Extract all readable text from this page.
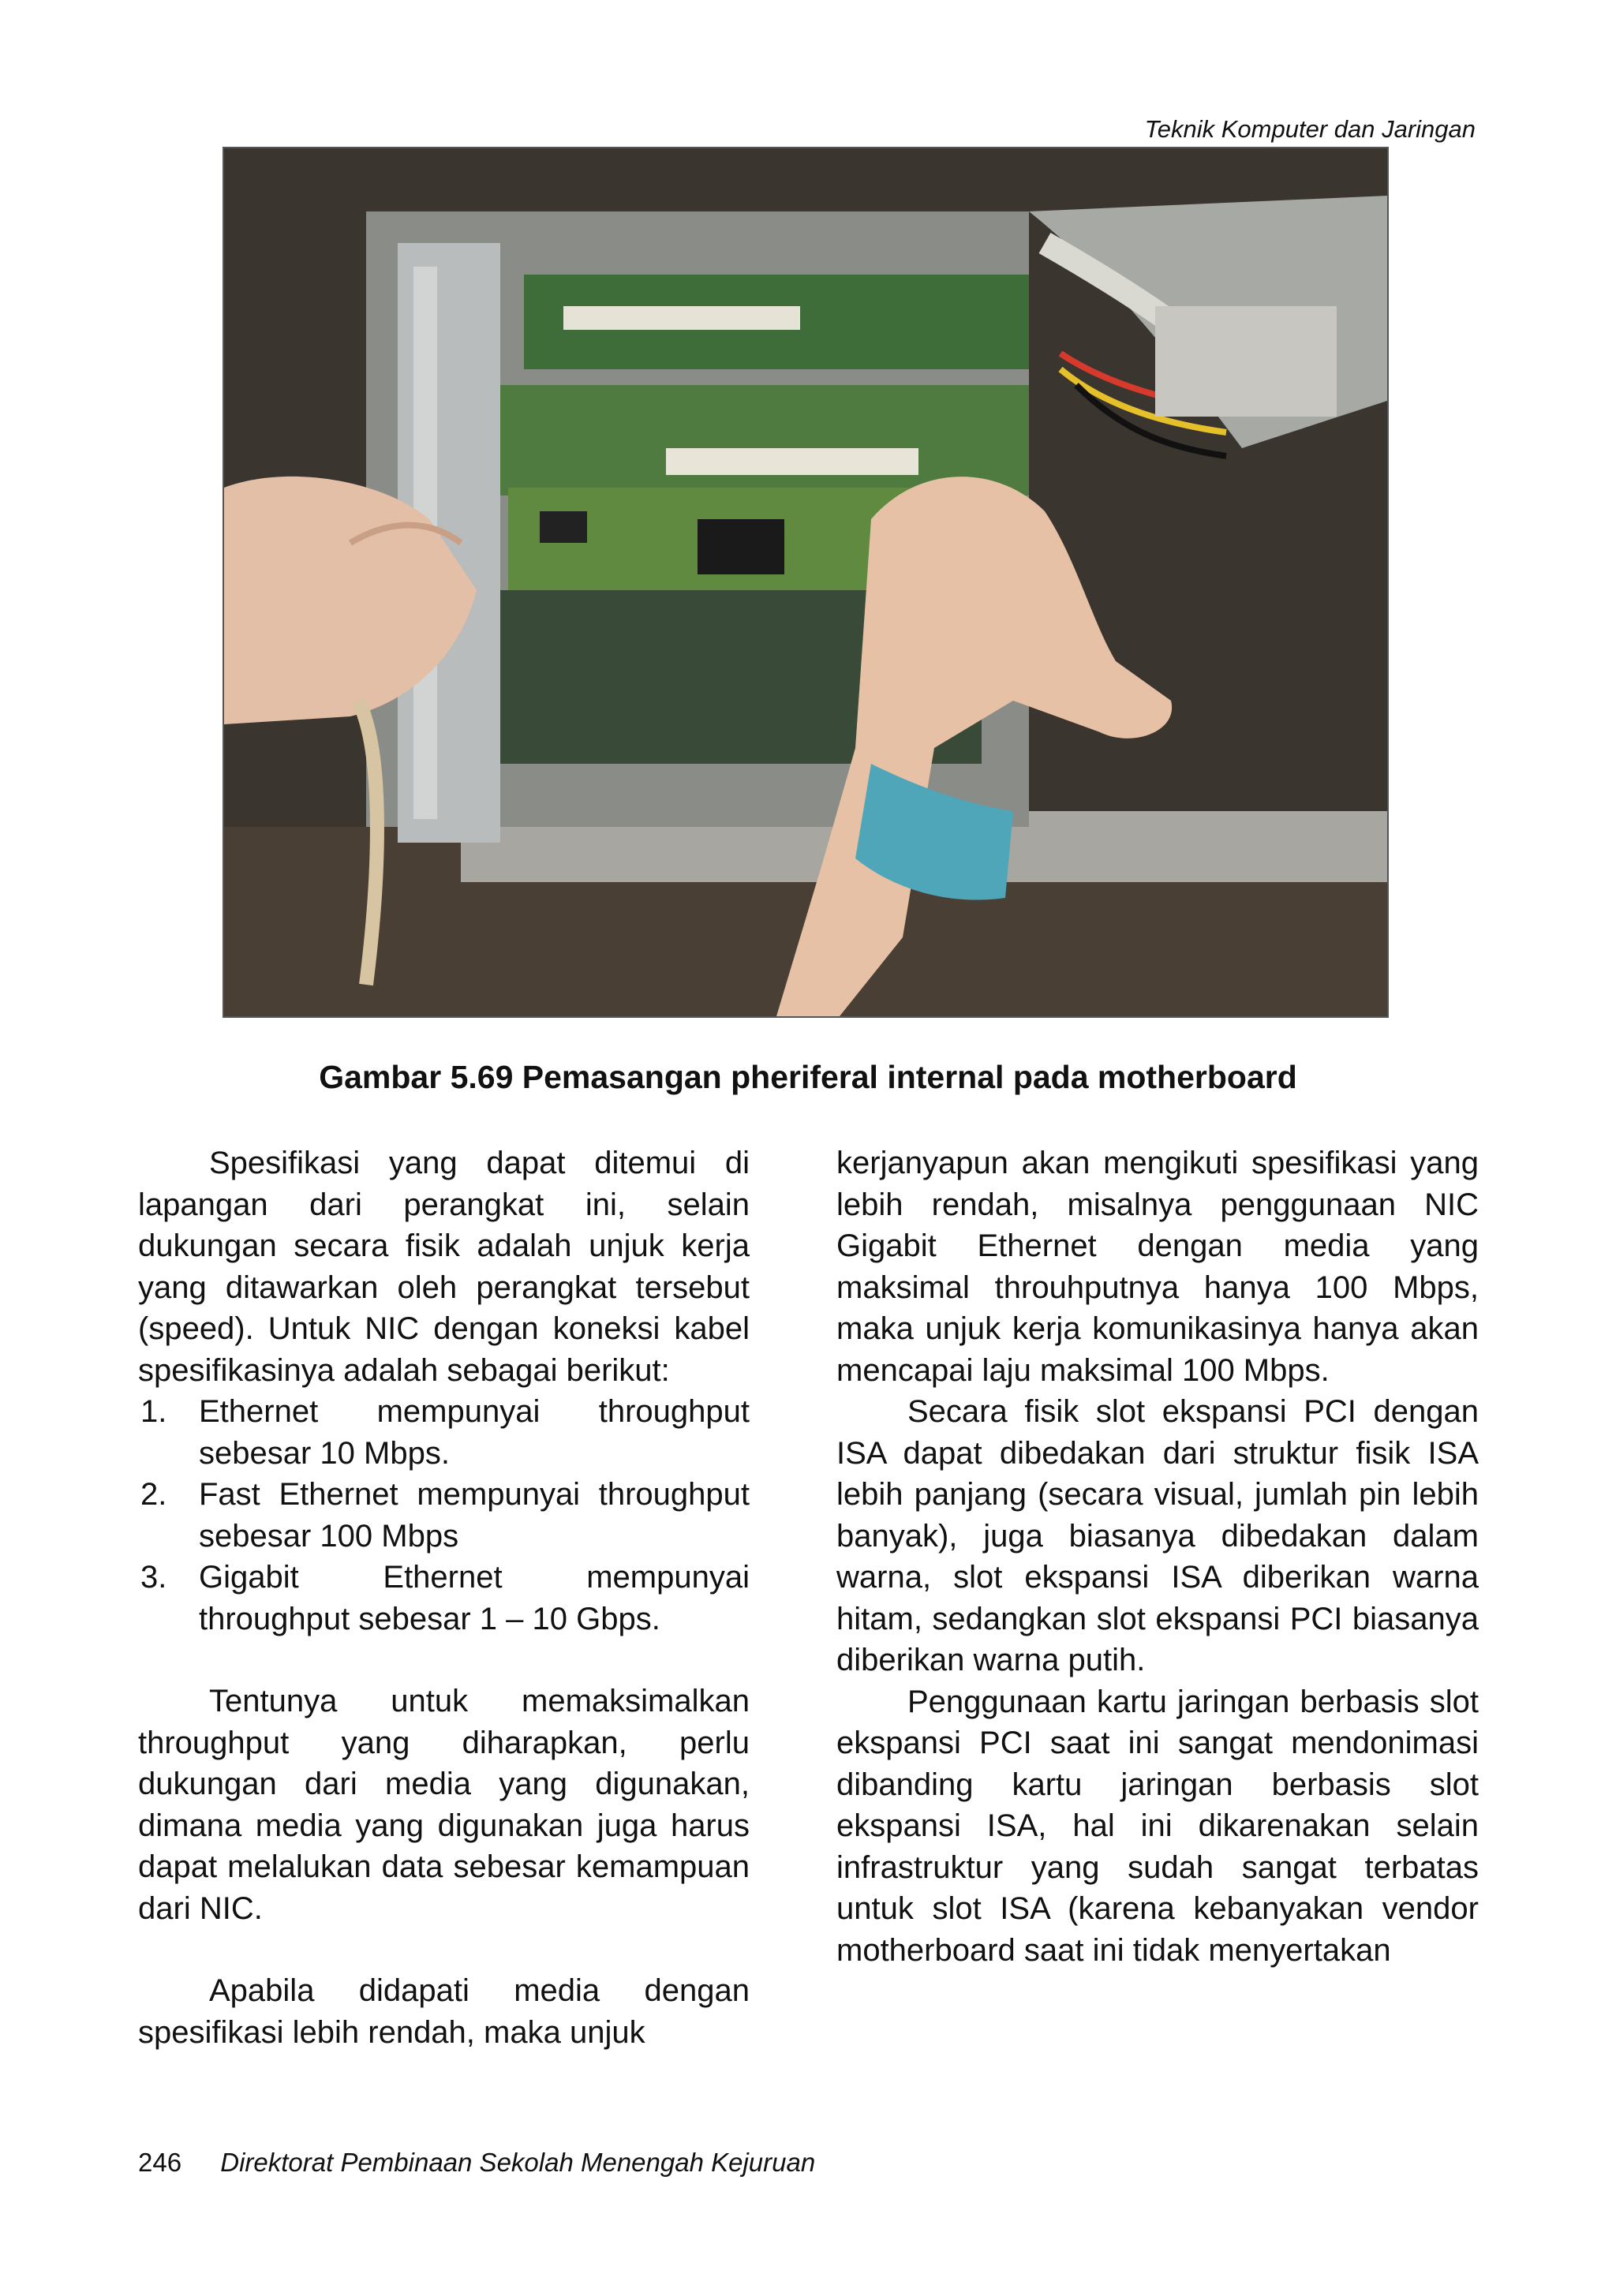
Teknik Komputer dan Jaringan
Gambar 5.69 Pemasangan pheriferal internal pada motherboard

Spesifikasi yang dapat ditemui di lapangan dari perangkat ini, selain dukungan secara fisik adalah unjuk kerja yang ditawarkan oleh perangkat tersebut (speed). Untuk NIC dengan koneksi kabel spesifikasinya adalah sebagai berikut:

1. Ethernet mempunyai throughput sebesar 10 Mbps.
2. Fast Ethernet mempunyai throughput sebesar 100 Mbps
3. Gigabit Ethernet mempunyai throughput sebesar 1 – 10 Gbps.

Tentunya untuk memaksimalkan throughput yang diharapkan, perlu dukungan dari media yang digunakan, dimana media yang digunakan juga harus dapat melalukan data sebesar kemampuan dari NIC.

Apabila didapati media dengan spesifikasi lebih rendah, maka unjuk

kerjanyapun akan mengikuti spesifikasi yang lebih rendah, misalnya penggunaan NIC Gigabit Ethernet dengan media yang maksimal throuhputnya hanya 100 Mbps, maka unjuk kerja komunikasinya hanya akan mencapai laju maksimal 100 Mbps.

Secara fisik slot ekspansi PCI dengan ISA dapat dibedakan dari struktur fisik ISA lebih panjang (secara visual, jumlah pin lebih banyak), juga biasanya dibedakan dalam warna, slot ekspansi ISA diberikan warna hitam, sedangkan slot ekspansi PCI biasanya diberikan warna putih.

Penggunaan kartu jaringan berbasis slot ekspansi PCI saat ini sangat mendonimasi dibanding kartu jaringan berbasis slot ekspansi ISA, hal ini dikarenakan selain infrastruktur yang sudah sangat terbatas untuk slot ISA (karena kebanyakan vendor motherboard saat ini tidak menyertakan

246 Direktorat Pembinaan Sekolah Menengah Kejuruan
